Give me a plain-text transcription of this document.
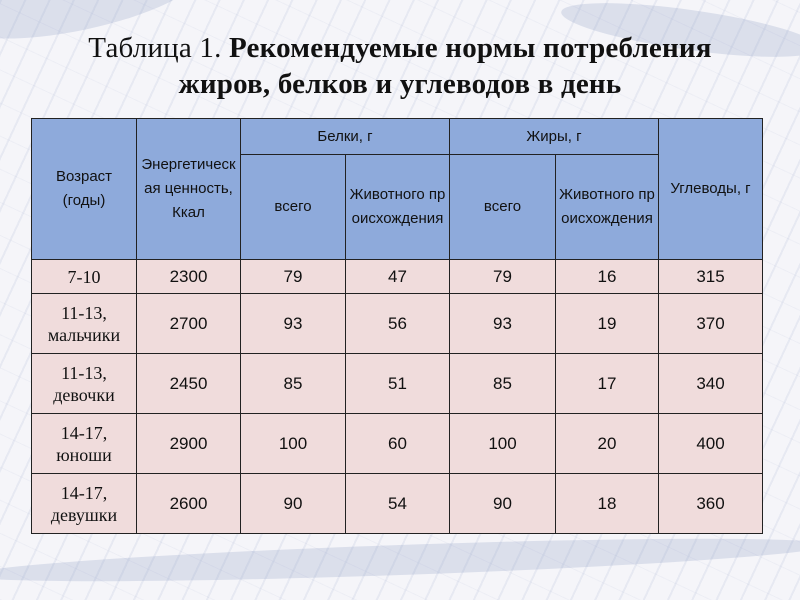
Таблица 1. Рекомендуемые нормы потребления жиров, белков и углеводов в день
Возраст (годы)	Энергетическая ценность, Ккал	Белки, г		Жиры, г		Углеводы, г
		всего	Животного происхождения	всего	Животного происхождения	
7-10	2300	79	47	79	16	315
11-13, мальчики	2700	93	56	93	19	370
11-13, девочки	2450	85	51	85	17	340
14-17, юноши	2900	100	60	100	20	400
14-17, девушки	2600	90	54	90	18	360
